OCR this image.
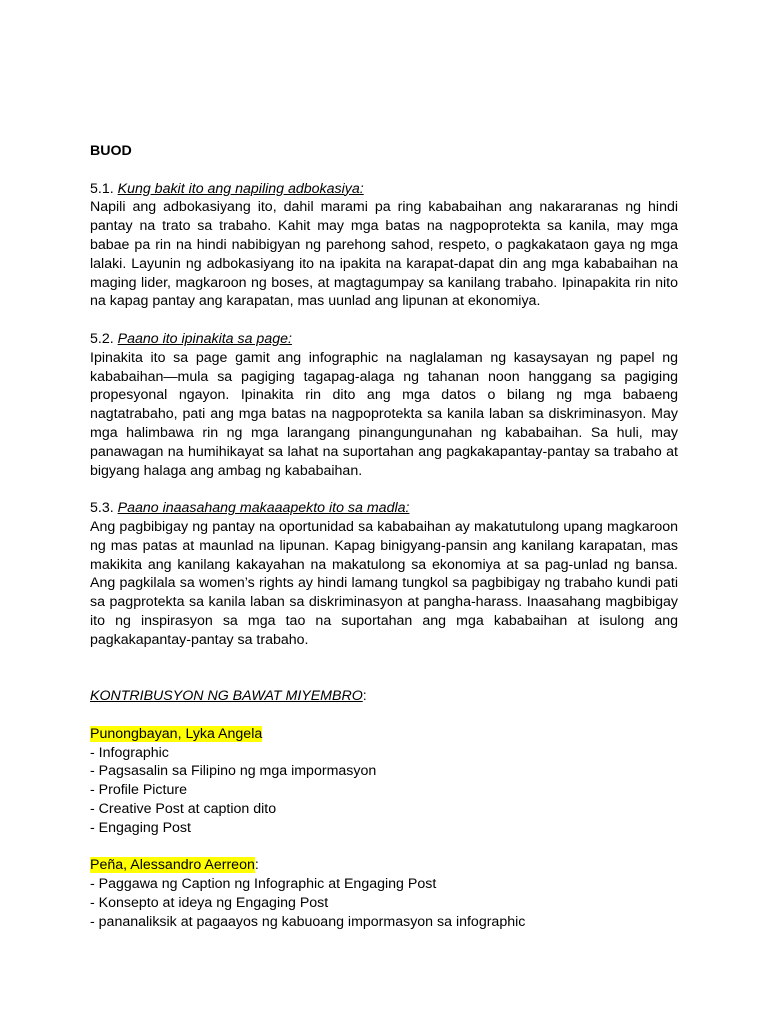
BUOD

5.1. Kung bakit ito ang napiling adbokasiya:

Napili ang adbokasiyang ito, dahil marami pa ring kababaihan ang nakararanas ng hindi pantay na trato sa trabaho. Kahit may mga batas na nagpoprotekta sa kanila, may mga babae pa rin na hindi nabibigyan ng parehong sahod, respeto, o pagkakataon gaya ng mga lalaki. Layunin ng adbokasiyang ito na ipakita na karapat-dapat din ang mga kababaihan na maging lider, magkaroon ng boses, at magtagumpay sa kanilang trabaho. Ipinapakita rin nito na kapag pantay ang karapatan, mas uunlad ang lipunan at ekonomiya.

5.2. Paano ito ipinakita sa page:

Ipinakita ito sa page gamit ang infographic na naglalaman ng kasaysayan ng papel ng kababaihan—mula sa pagiging tagapag-alaga ng tahanan noon hanggang sa pagiging propesyonal ngayon. Ipinakita rin dito ang mga datos o bilang ng mga babaeng nagtatrabaho, pati ang mga batas na nagpoprotekta sa kanila laban sa diskriminasyon. May mga halimbawa rin ng mga larangang pinangungunahan ng kababaihan. Sa huli, may panawagan na humihikayat sa lahat na suportahan ang pagkakapantay-pantay sa trabaho at bigyang halaga ang ambag ng kababaihan.

5.3. Paano inaasahang makaaapekto ito sa madla:

Ang pagbibigay ng pantay na oportunidad sa kababaihan ay makatutulong upang magkaroon ng mas patas at maunlad na lipunan. Kapag binigyang-pansin ang kanilang karapatan, mas makikita ang kanilang kakayahan na makatulong sa ekonomiya at sa pag-unlad ng bansa. Ang pagkilala sa women’s rights ay hindi lamang tungkol sa pagbibigay ng trabaho kundi pati sa pagprotekta sa kanila laban sa diskriminasyon at pangha-harass. Inaasahang magbibigay ito ng inspirasyon sa mga tao na suportahan ang mga kababaihan at isulong ang pagkakapantay-pantay sa trabaho.

KONTRIBUSYON NG BAWAT MIYEMBRO:

Punongbayan, Lyka Angela

- Infographic
- Pagsasalin sa Filipino ng mga impormasyon
- Profile Picture
- Creative Post at caption dito
- Engaging Post

Peña, Alessandro Aerreon:

- Paggawa ng Caption ng Infographic at Engaging Post
- Konsepto at ideya ng Engaging Post
- pananaliksik at pagaayos ng kabuoang impormasyon sa infographic
